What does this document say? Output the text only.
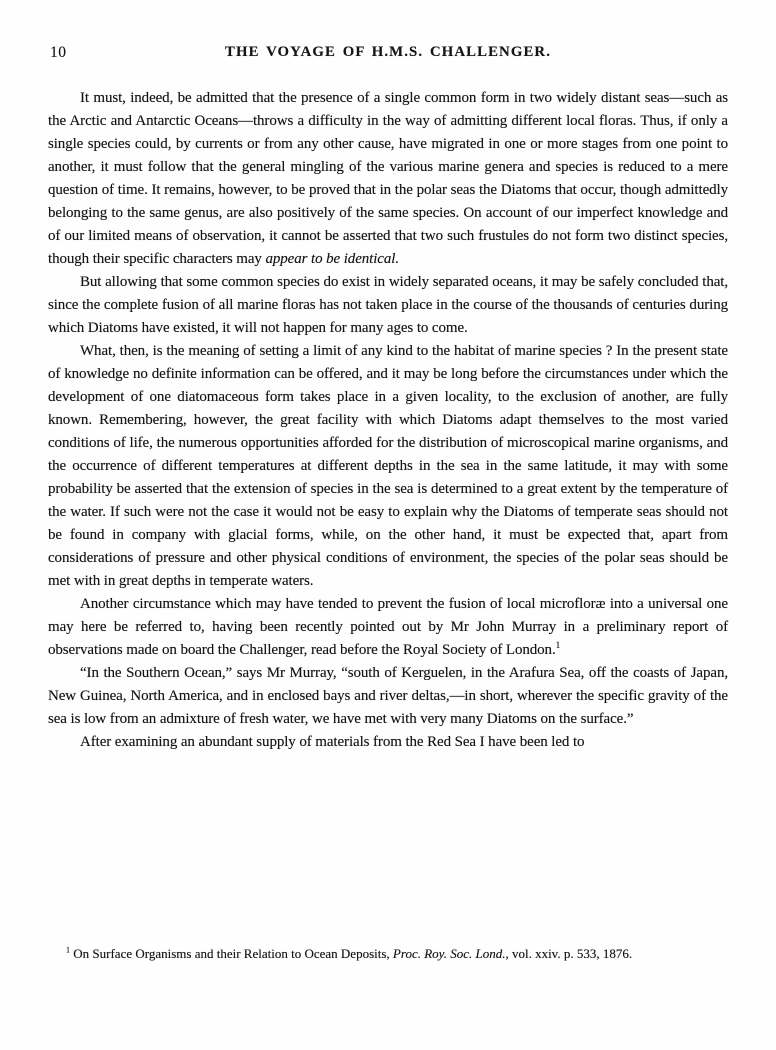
10	THE VOYAGE OF H.M.S. CHALLENGER.

It must, indeed, be admitted that the presence of a single common form in two widely distant seas—such as the Arctic and Antarctic Oceans—throws a difficulty in the way of admitting different local floras. Thus, if only a single species could, by currents or from any other cause, have migrated in one or more stages from one point to another, it must follow that the general mingling of the various marine genera and species is reduced to a mere question of time. It remains, however, to be proved that in the polar seas the Diatoms that occur, though admittedly belonging to the same genus, are also positively of the same species. On account of our imperfect knowledge and of our limited means of observation, it cannot be asserted that two such frustules do not form two distinct species, though their specific characters may appear to be identical.

But allowing that some common species do exist in widely separated oceans, it may be safely concluded that, since the complete fusion of all marine floras has not taken place in the course of the thousands of centuries during which Diatoms have existed, it will not happen for many ages to come.

What, then, is the meaning of setting a limit of any kind to the habitat of marine species ? In the present state of knowledge no definite information can be offered, and it may be long before the circumstances under which the development of one diatomaceous form takes place in a given locality, to the exclusion of another, are fully known. Remembering, however, the great facility with which Diatoms adapt themselves to the most varied conditions of life, the numerous opportunities afforded for the distribution of microscopical marine organisms, and the occurrence of different temperatures at different depths in the sea in the same latitude, it may with some probability be asserted that the extension of species in the sea is determined to a great extent by the temperature of the water. If such were not the case it would not be easy to explain why the Diatoms of temperate seas should not be found in company with glacial forms, while, on the other hand, it must be expected that, apart from considerations of pressure and other physical conditions of environment, the species of the polar seas should be met with in great depths in temperate waters.

Another circumstance which may have tended to prevent the fusion of local microfloræ into a universal one may here be referred to, having been recently pointed out by Mr John Murray in a preliminary report of observations made on board the Challenger, read before the Royal Society of London.$^1$

“In the Southern Ocean,” says Mr Murray, “south of Kerguelen, in the Arafura Sea, off the coasts of Japan, New Guinea, North America, and in enclosed bays and river deltas,—in short, wherever the specific gravity of the sea is low from an admixture of fresh water, we have met with very many Diatoms on the surface.”

After examining an abundant supply of materials from the Red Sea I have been led to

$^1$ On Surface Organisms and their Relation to Ocean Deposits, Proc. Roy. Soc. Lond., vol. xxiv. p. 533, 1876.
